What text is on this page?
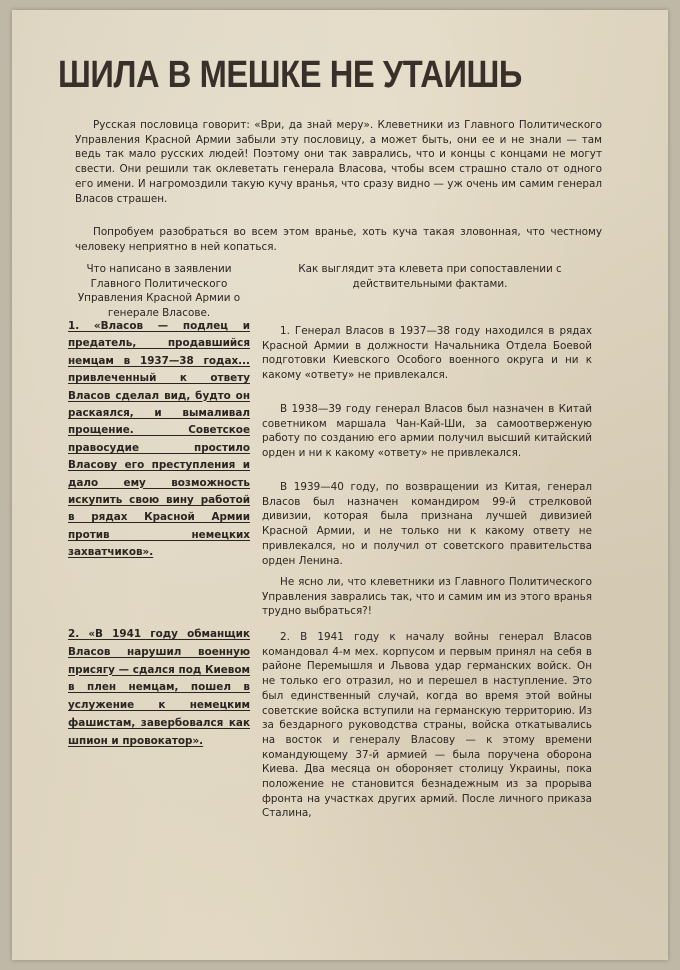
ШИЛА В МЕШКЕ НЕ УТАИШЬ

Русская пословица говорит: «Ври, да знай меру». Клеветники из Главного Политического Управления Красной Армии забыли эту пословицу, а может быть, они ее и не знали — там ведь так мало русских людей! Поэтому они так заврались, что и концы с концами не могут свести. Они решили так оклеветать генерала Власова, чтобы всем страшно стало от одного его имени. И нагромоздили такую кучу вранья, что сразу видно — уж очень им самим генерал Власов страшен.

Попробуем разобраться во всем этом вранье, хоть куча такая зловонная, что честному человеку неприятно в ней копаться.

Что написано в заявлении Главного Политического Управления Красной Армии о генерале Власове.

1. «Власов — подлец и предатель, продавшийся немцам в 1937—38 годах... привлеченный к ответу Власов сделал вид, будто он раскаялся, и вымаливал прощение. Советское правосудие простило Власову его преступления и дало ему возможность искупить свою вину работой в рядах Красной Армии против немецких захватчиков».

2. «В 1941 году обманщик Власов нарушил военную присягу — сдался под Киевом в плен немцам, пошел в услужение к немецким фашистам, завербовался как шпион и провокатор».

Как выглядит эта клевета при сопоставлении с действительными фактами.

1. Генерал Власов в 1937—38 году находился в рядах Красной Армии в должности Начальника Отдела Боевой подготовки Киевского Особого военного округа и ни к какому «ответу» не привлекался.

В 1938—39 году генерал Власов был назначен в Китай советником маршала Чан-Кай-Ши, за самоотверженую работу по созданию его армии получил высший китайский орден и ни к какому «ответу» не привлекался.

В 1939—40 году, по возвращении из Китая, генерал Власов был назначен командиром 99-й стрелковой дивизии, которая была признана лучшей дивизией Красной Армии, и не только ни к какому ответу не привлекался, но и получил от советского правительства орден Ленина.

Не ясно ли, что клеветники из Главного Политического Управления заврались так, что и самим им из этого вранья трудно выбраться?!

2. В 1941 году к началу войны генерал Власов командовал 4-м мех. корпусом и первым принял на себя в районе Перемышля и Львова удар германских войск. Он не только его отразил, но и перешел в наступление. Это был единственный случай, когда во время этой войны советские войска вступили на германскую территорию. Из за бездарного руководства страны, войска откатывались на восток и генералу Власову — к этому времени командующему 37-й армией — была поручена оборона Киева. Два месяца он обороняет столицу Украины, пока положение не становится безнадежным из за прорыва фронта на участках других армий. После личного приказа Сталина,
